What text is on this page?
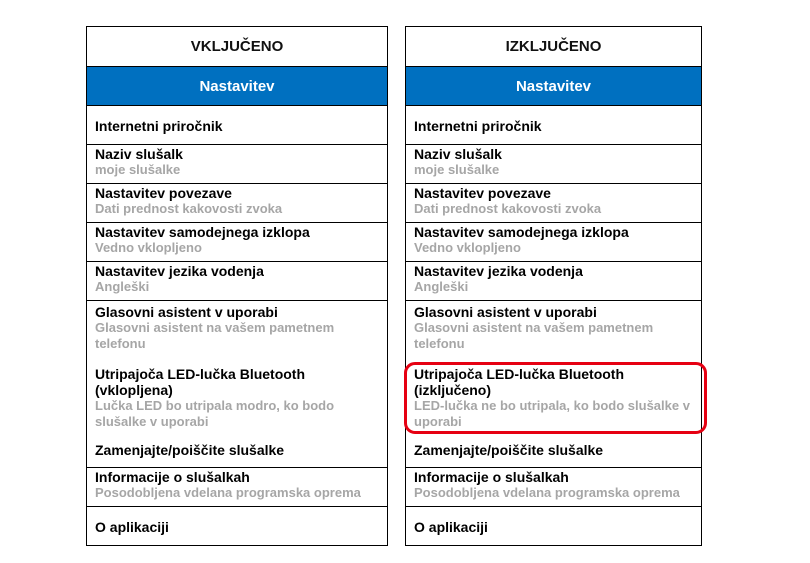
VKLJUČENO
Nastavitev
Internetni priročnik
Naziv slušalk
moje slušalke
Nastavitev povezave
Dati prednost kakovosti zvoka
Nastavitev samodejnega izklopa
Vedno vklopljeno
Nastavitev jezika vodenja
Angleški
Glasovni asistent v uporabi
Glasovni asistent na vašem pametnem telefonu
Utripajoča LED-lučka Bluetooth (vklopljena)
Lučka LED bo utripala modro, ko bodo slušalke v uporabi
Zamenjajte/poiščite slušalke
Informacije o slušalkah
Posodobljena vdelana programska oprema
O aplikaciji
IZKLJUČENO
Nastavitev
Internetni priročnik
Naziv slušalk
moje slušalke
Nastavitev povezave
Dati prednost kakovosti zvoka
Nastavitev samodejnega izklopa
Vedno vklopljeno
Nastavitev jezika vodenja
Angleški
Glasovni asistent v uporabi
Glasovni asistent na vašem pametnem telefonu
Utripajoča LED-lučka Bluetooth (izključeno)
LED-lučka ne bo utripala, ko bodo slušalke v uporabi
Zamenjajte/poiščite slušalke
Informacije o slušalkah
Posodobljena vdelana programska oprema
O aplikaciji
